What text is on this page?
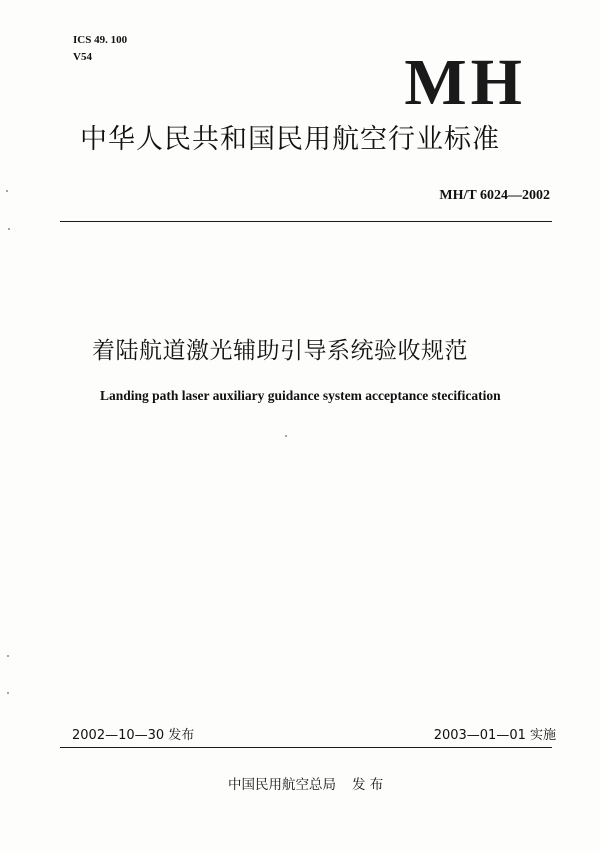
ICS 49. 100
V54	MH
中华人民共和国民用航空行业标准
MH/T 6024—2002
着陆航道激光辅助引导系统验收规范
Landing path laser auxiliary guidance system acceptance stecification
2002—10—30 发布	2003—01—01 实施
中国民用航空总局 发 布
